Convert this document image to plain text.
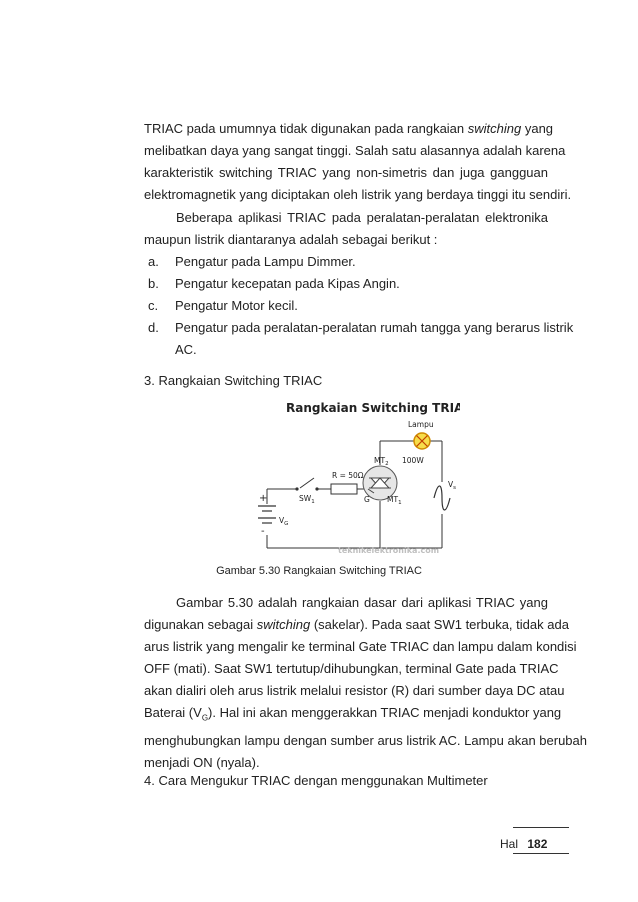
TRIAC pada umumnya tidak digunakan pada rangkaian switching yang
melibatkan daya yang sangat tinggi. Salah satu alasannya adalah karena
karakteristik switching TRIAC yang non-simetris dan juga gangguan
elektromagnetik yang diciptakan oleh listrik yang berdaya tinggi itu sendiri.
Beberapa aplikasi TRIAC pada peralatan-peralatan elektronika
maupun listrik diantaranya adalah sebagai berikut :
a. Pengatur pada Lampu Dimmer.
b. Pengatur kecepatan pada Kipas Angin.
c. Pengatur Motor kecil.
d. Pengatur pada peralatan-peralatan rumah tangga yang berarus listrik
AC.

3. Rangkaian Switching TRIAC

Rangkaian Switching TRIAC
Lampu
100W
$MT_2$
$MT_1$
G
R = 50Ω
$SW_1$
$V_G$
$V_s$
+
-
teknikelektronika.com
Gambar 5.30 Rangkaian Switching TRIAC
Gambar 5.30 adalah rangkaian dasar dari aplikasi TRIAC yang
digunakan sebagai switching (sakelar). Pada saat SW1 terbuka, tidak ada
arus listrik yang mengalir ke terminal Gate TRIAC dan lampu dalam kondisi
OFF (mati). Saat SW1 tertutup/dihubungkan, terminal Gate pada TRIAC
akan dialiri oleh arus listrik melalui resistor (R) dari sumber daya DC atau
Baterai $(V_G)$. Hal ini akan menggerakkan TRIAC menjadi konduktor yang
menghubungkan lampu dengan sumber arus listrik AC. Lampu akan berubah
menjadi ON (nyala).

4. Cara Mengukur TRIAC dengan menggunakan Multimeter

Hal 182
